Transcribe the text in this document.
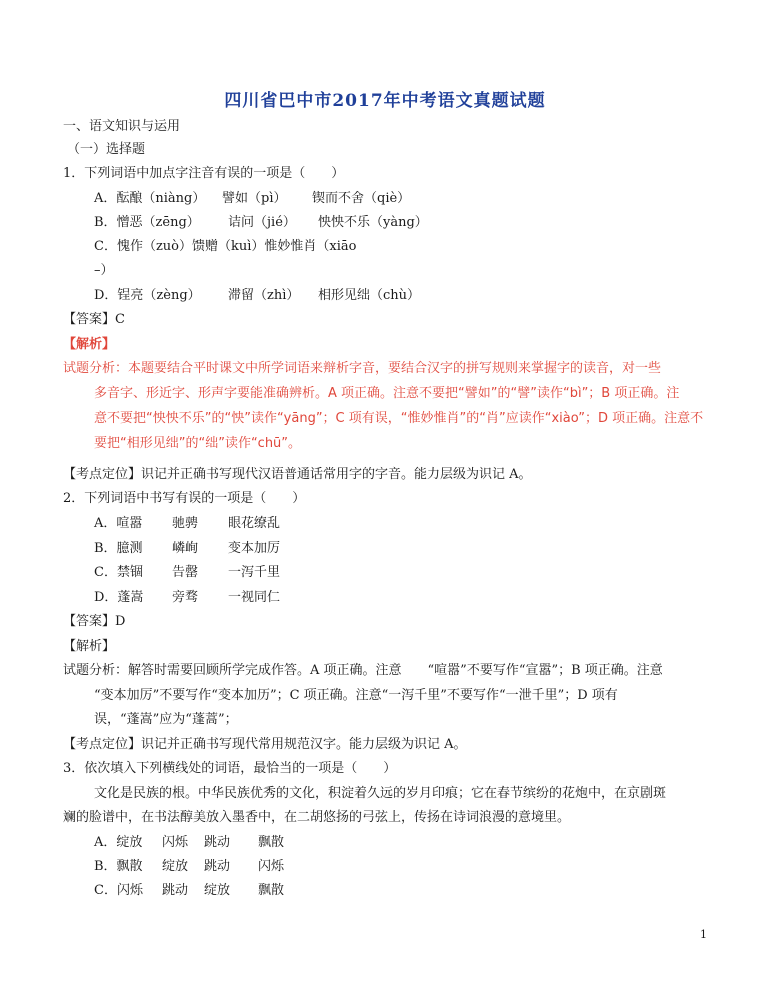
四川省巴中市2017年中考语文真题试题
一、语文知识与运用
（一）选择题
1．下列词语中加点字注音有误的一项是（　　）
A．酝酿（niàng） 譬如（pì） 锲而不舍（qiè）
B．憎恶（zēng） 诘问（jié） 怏怏不乐（yàng）
C．愧作（zuò）馈赠（kuì）惟妙惟肖（xiāo
–）
D．锃亮（zèng） 滞留（zhì） 相形见绌（chù）
【答案】C
【解析】
试题分析：本题要结合平时课文中所学词语来辩析字音，要结合汉字的拼写规则来掌握字的读音，对一些
多音字、形近字、形声字要能准确辨析。A 项正确。注意不要把“譬如”的“譬”读作“bì”；B 项正确。注
意不要把“怏怏不乐”的“怏”读作“yāng”；C 项有误，“惟妙惟肖”的“肖”应读作“xiào”；D 项正确。注意不
要把“相形见绌”的“绌”读作“chū”。
【考点定位】识记并正确书写现代汉语普通话常用字的字音。能力层级为识记 A。
2．下列词语中书写有误的一项是（　　）
A．喧嚣 驰骋 眼花缭乱
B．臆测 嶙峋 变本加厉
C．禁锢 告罄 一泻千里
D．蓬嵩 旁骛 一视同仁
【答案】D
【解析】
试题分析：解答时需要回顾所学完成作答。A 项正确。注意　　“喧嚣”不要写作“宣嚣”；B 项正确。注意
“变本加厉”不要写作“变本加历”；C 项正确。注意“一泻千里”不要写作“一泄千里”；D 项有
误，“蓬嵩”应为“蓬蒿”；
【考点定位】识记并正确书写现代常用规范汉字。能力层级为识记 A。
3．依次填入下列横线处的词语，最恰当的一项是（　　）
文化是民族的根。中华民族优秀的文化，积淀着久远的岁月印痕；它在春节缤纷的花炮中，在京剧斑
斓的脸谱中，在书法醇美放入墨香中，在二胡悠扬的弓弦上，传扬在诗词浪漫的意境里。
A．绽放 闪烁 跳动 飘散
B．飘散 绽放 跳动 闪烁
C．闪烁 跳动 绽放 飘散
1
